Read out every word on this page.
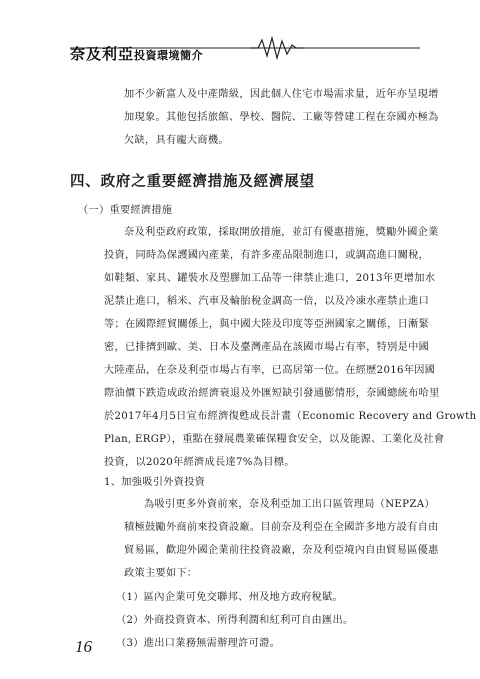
奈及利亞投資環境簡介

加不少新富人及中產階級，因此個人住宅市場需求量，近年亦呈現增

加現象。其他包括旅館、學校、醫院、工廠等營建工程在奈國亦極為

欠缺，具有龐大商機。

四、政府之重要經濟措施及經濟展望

（一）重要經濟措施

奈及利亞政府政策，採取開放措施，並訂有優惠措施，獎勵外國企業

投資，同時為保護國內產業，有許多產品限制進口，或調高進口關稅，

如鞋類、家具、罐裝水及塑膠加工品等一律禁止進口，2013年更增加水

泥禁止進口，稻米、汽車及輪胎稅金調高一倍，以及冷凍水產禁止進口

等；在國際經貿關係上，與中國大陸及印度等亞洲國家之關係，日漸緊

密，已排擠到歐、美、日本及臺灣產品在該國市場占有率，特別是中國

大陸產品，在奈及利亞市場占有率，已高居第一位。在經歷2016年因國

際油價下跌造成政治經濟衰退及外匯短缺引發通膨情形，奈國總統布哈里

於2017年4月5日宣布經濟復甦成長計畫（Economic Recovery and Growth

Plan, ERGP），重點在發展農業確保糧食安全，以及能源、工業化及社會

投資，以2020年經濟成長達7%為目標。

1、加強吸引外資投資

為吸引更多外資前來，奈及利亞加工出口區管理局（NEPZA）

積極鼓勵外商前來投資設廠。目前奈及利亞在全國許多地方設有自由

貿易區，歡迎外國企業前往投資設廠，奈及利亞境內自由貿易區優惠

政策主要如下：

（1）區內企業可免交聯邦、州及地方政府稅賦。

（2）外商投資資本、所得利潤和紅利可自由匯出。

（3）進出口業務無需辦理許可證。

16
